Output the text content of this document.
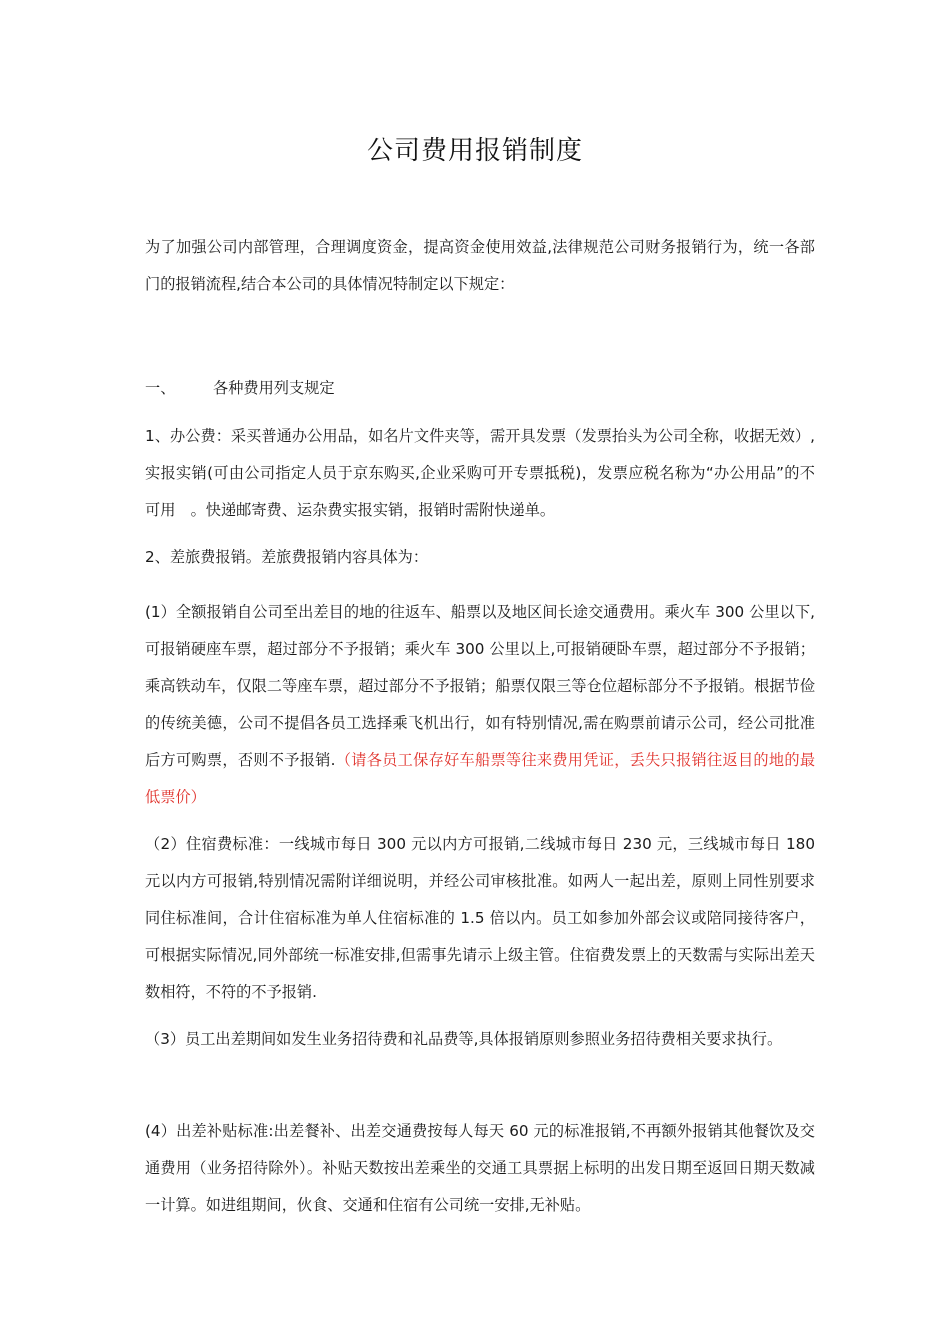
公司费用报销制度
为了加强公司内部管理，合理调度资金，提高资金使用效益,法律规范公司财务报销行为，统一各部门的报销流程,结合本公司的具体情况特制定以下规定：
一、 各种费用列支规定
1、办公费：采买普通办公用品，如名片文件夹等，需开具发票（发票抬头为公司全称，收据无效）,实报实销(可由公司指定人员于京东购买,企业采购可开专票抵税)，发票应税名称为“办公用品”的不可用　。快递邮寄费、运杂费实报实销，报销时需附快递单。
2、差旅费报销。差旅费报销内容具体为：
(1）全额报销自公司至出差目的地的往返车、船票以及地区间长途交通费用。乘火车 300 公里以下,可报销硬座车票，超过部分不予报销；乘火车 300 公里以上,可报销硬卧车票，超过部分不予报销；乘高铁动车，仅限二等座车票，超过部分不予报销；船票仅限三等仓位超标部分不予报销。根据节俭的传统美德，公司不提倡各员工选择乘飞机出行，如有特别情况,需在购票前请示公司，经公司批准后方可购票，否则不予报销.（请各员工保存好车船票等往来费用凭证，丢失只报销往返目的地的最低票价）
（2）住宿费标准：一线城市每日 300 元以内方可报销,二线城市每日 230 元，三线城市每日 180 元以内方可报销,特别情况需附详细说明，并经公司审核批准。如两人一起出差，原则上同性别要求同住标准间，合计住宿标准为单人住宿标准的 1.5 倍以内。员工如参加外部会议或陪同接待客户，可根据实际情况,同外部统一标准安排,但需事先请示上级主管。住宿费发票上的天数需与实际出差天数相符，不符的不予报销.
（3）员工出差期间如发生业务招待费和礼品费等,具体报销原则参照业务招待费相关要求执行。
(4）出差补贴标准:出差餐补、出差交通费按每人每天 60 元的标准报销,不再额外报销其他餐饮及交通费用（业务招待除外）。补贴天数按出差乘坐的交通工具票据上标明的出发日期至返回日期天数减一计算。如进组期间，伙食、交通和住宿有公司统一安排,无补贴。
